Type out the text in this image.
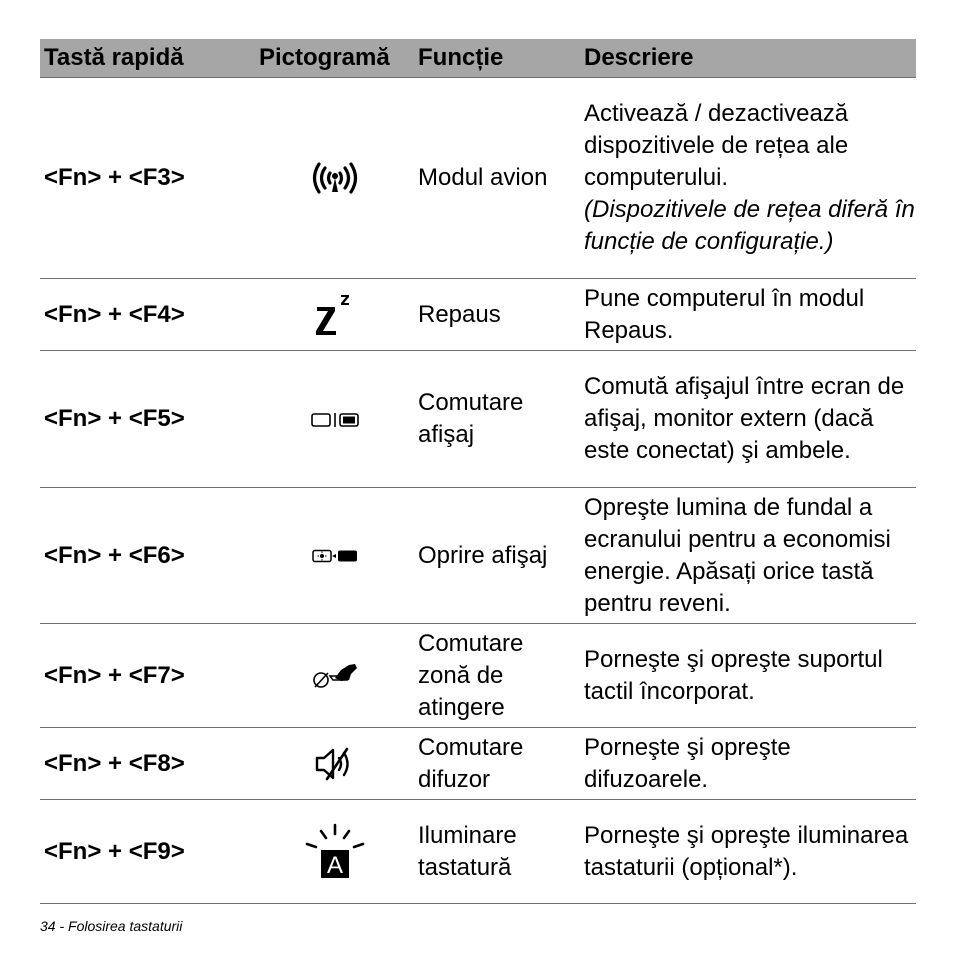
Tastă rapidă	Pictogramă	Funcție	Descriere
<Fn> + <F3>		Modul avion	Activează / dezactivează dispozitivele de rețea ale computerului.
(Dispozitivele de rețea diferă în funcție de configurație.)

<Fn> + <F4>		Repaus	Pune computerul în modul Repaus.
<Fn> + <F5>		Comutare afişaj	Comută afişajul între ecran de afişaj, monitor extern (dacă este conectat) şi ambele.
<Fn> + <F6>		Oprire afişaj	Opreşte lumina de fundal a ecranului pentru a economisi energie. Apăsați orice tastă pentru reveni.
<Fn> + <F7>		Comutare zonă de atingere	Porneşte şi opreşte suportul tactil încorporat.
<Fn> + <F8>		Comutare difuzor	Porneşte şi opreşte difuzoarele.
<Fn> + <F9>	A	Iluminare tastatură	Porneşte şi opreşte iluminarea tastaturii (opțional*).
34 - Folosirea tastaturii
